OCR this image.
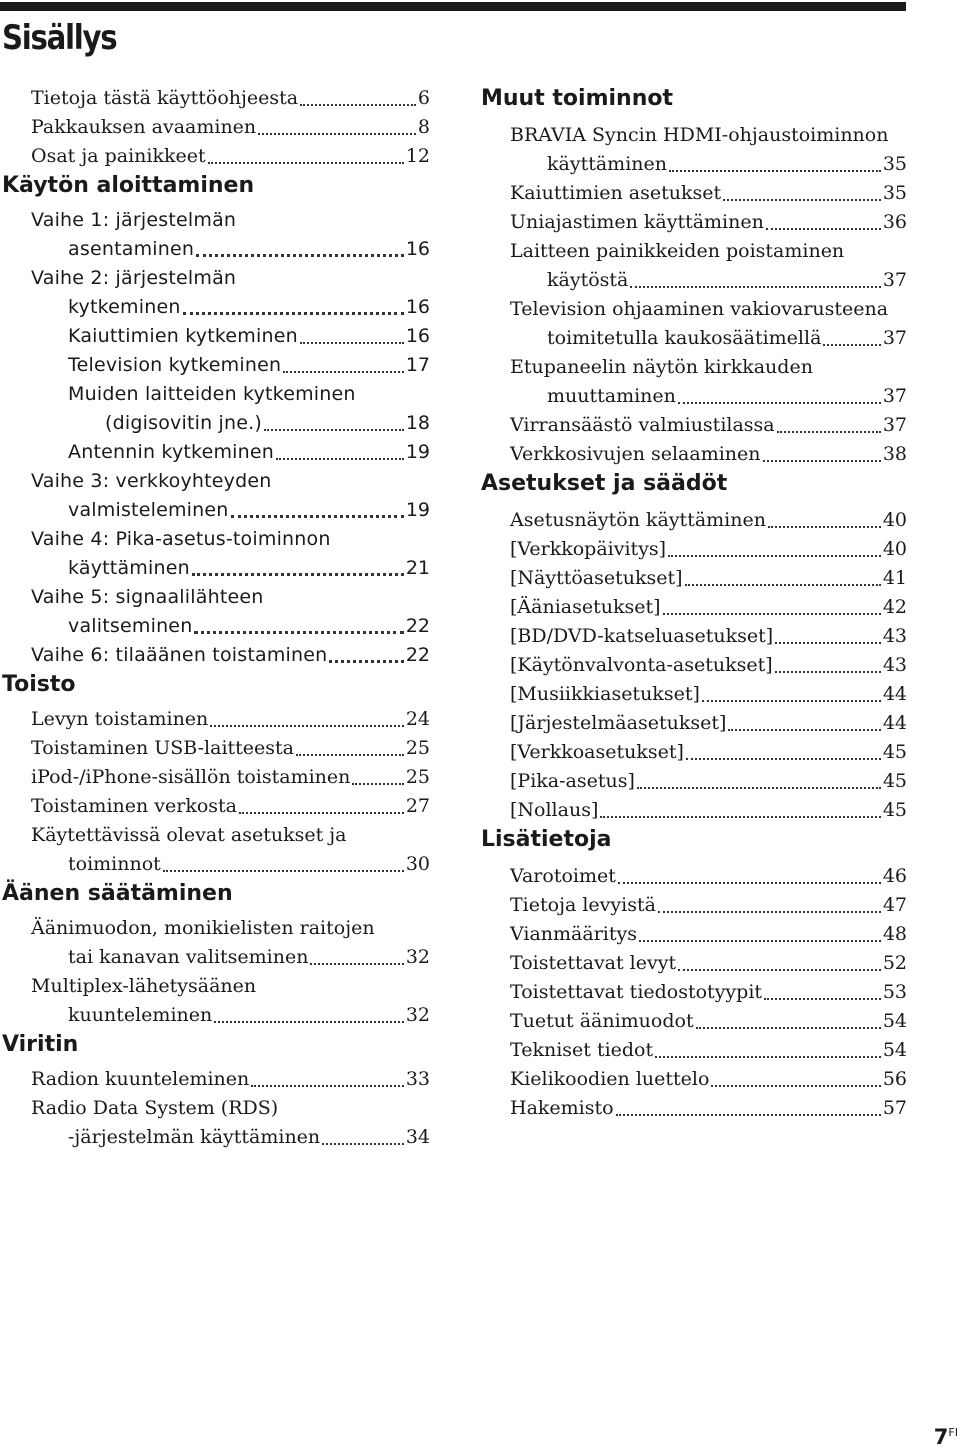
Sisällys
Tietoja tästä käyttöohjeesta	6
Pakkauksen avaaminen	8
Osat ja painikkeet	12
Käytön aloittaminen
Vaihe 1: järjestelmän
asentaminen	16
Vaihe 2: järjestelmän
kytkeminen	16
Kaiuttimien kytkeminen	16
Television kytkeminen	17
Muiden laitteiden kytkeminen
(digisovitin jne.)	18
Antennin kytkeminen	19
Vaihe 3: verkkoyhteyden
valmisteleminen	19
Vaihe 4: Pika-asetus-toiminnon
käyttäminen	21
Vaihe 5: signaalilähteen
valitseminen	22
Vaihe 6: tilaäänen toistaminen	22
Toisto
Levyn toistaminen	24
Toistaminen USB-laitteesta	25
iPod-/iPhone-sisällön toistaminen	25
Toistaminen verkosta	27
Käytettävissä olevat asetukset ja
toiminnot	30
Äänen säätäminen
Äänimuodon, monikielisten raitojen
tai kanavan valitseminen	32
Multiplex-lähetysäänen
kuunteleminen	32
Viritin
Radion kuunteleminen	33
Radio Data System (RDS)
-järjestelmän käyttäminen	34
Muut toiminnot
BRAVIA Syncin HDMI-ohjaustoiminnon
käyttäminen	35
Kaiuttimien asetukset	35
Uniajastimen käyttäminen	36
Laitteen painikkeiden poistaminen
käytöstä	37
Television ohjaaminen vakiovarusteena
toimitetulla kaukosäätimellä	37
Etupaneelin näytön kirkkauden
muuttaminen	37
Virransäästö valmiustilassa	37
Verkkosivujen selaaminen	38
Asetukset ja säädöt
Asetusnäytön käyttäminen	40
[Verkkopäivitys]	40
[Näyttöasetukset]	41
[Ääniasetukset]	42
[BD/DVD-katseluasetukset]	43
[Käytönvalvonta-asetukset]	43
[Musiikkiasetukset]	44
[Järjestelmäasetukset]	44
[Verkkoasetukset]	45
[Pika-asetus]	45
[Nollaus]	45
Lisätietoja
Varotoimet	46
Tietoja levyistä	47
Vianmääritys	48
Toistettavat levyt	52
Toistettavat tiedostotyypit	53
Tuetut äänimuodot	54
Tekniset tiedot	54
Kielikoodien luettelo	56
Hakemisto	57
$7^{FI}$
